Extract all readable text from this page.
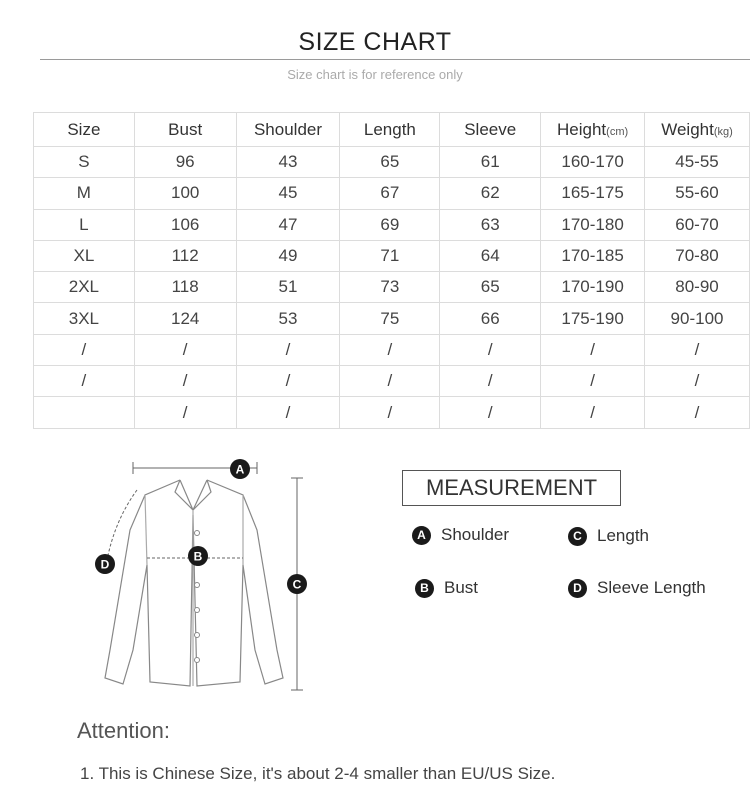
SIZE CHART
Size chart is for reference only
Size	Bust	Shoulder	Length	Sleeve	Height(cm)	Weight(kg)
S	96	43	65	61	160-170	45-55
M	100	45	67	62	165-175	55-60
L	106	47	69	63	170-180	60-70
XL	112	49	71	64	170-185	70-80
2XL	118	51	73	65	170-190	80-90
3XL	124	53	75	66	175-190	90-100
/	/	/	/	/	/	/
/	/	/	/	/	/	/
	/	/	/	/	/	/
A
B
C
D
MEASUREMENT
A Shoulder	C Length
B Bust	D Sleeve Length
Attention:
1. This is Chinese Size, it's about 2-4 smaller than EU/US Size.
